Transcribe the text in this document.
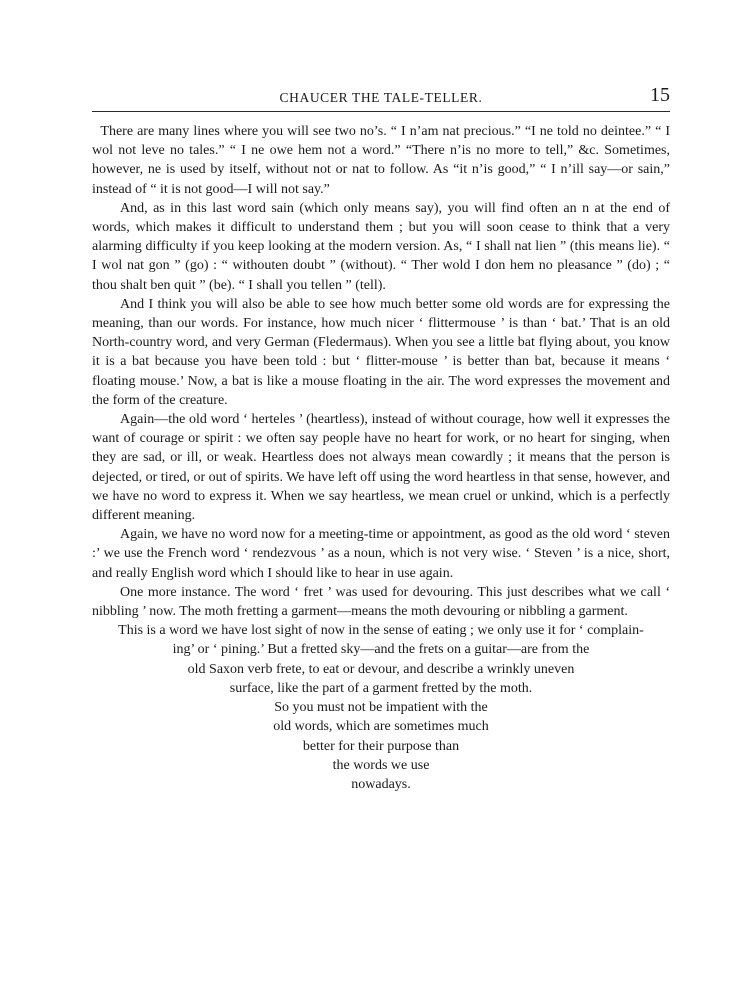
CHAUCER THE TALE-TELLER.	15

There are many lines where you will see two no’s. “ I n’am nat precious.” “I ne told no deintee.” “ I wol not leve no tales.” “ I ne owe hem not a word.” “There n’is no more to tell,” &c. Sometimes, however, ne is used by itself, without not or nat to follow. As “it n’is good,” “ I n’ill say—or sain,” instead of “ it is not good—I will not say.”

And, as in this last word sain (which only means say), you will find often an n at the end of words, which makes it difficult to understand them ; but you will soon cease to think that a very alarming difficulty if you keep looking at the modern version. As, “ I shall nat lien ” (this means lie). “ I wol nat gon ” (go) : “ withouten doubt ” (without). “ Ther wold I don hem no pleasance ” (do) ; “ thou shalt ben quit ” (be). “ I shall you tellen ” (tell).

And I think you will also be able to see how much better some old words are for expressing the meaning, than our words. For instance, how much nicer ‘ flittermouse ’ is than ‘ bat.’ That is an old North-country word, and very German (Fledermaus). When you see a little bat flying about, you know it is a bat because you have been told : but ‘ flitter-mouse ’ is better than bat, because it means ‘ floating mouse.’ Now, a bat is like a mouse floating in the air. The word expresses the movement and the form of the creature.

Again—the old word ‘ herteles ’ (heartless), instead of without courage, how well it expresses the want of courage or spirit : we often say people have no heart for work, or no heart for singing, when they are sad, or ill, or weak. Heartless does not always mean cowardly ; it means that the person is dejected, or tired, or out of spirits. We have left off using the word heartless in that sense, however, and we have no word to express it. When we say heartless, we mean cruel or unkind, which is a perfectly different meaning.

Again, we have no word now for a meeting-time or appointment, as good as the old word ‘ steven :’ we use the French word ‘ rendezvous ’ as a noun, which is not very wise. ‘ Steven ’ is a nice, short, and really English word which I should like to hear in use again.

One more instance. The word ‘ fret ’ was used for devouring. This just describes what we call ‘ nibbling ’ now. The moth fretting a garment—means the moth devouring or nibbling a garment.

This is a word we have lost sight of now in the sense of eating ; we only use it for ‘ complain-
ing’ or ‘ pining.’ But a fretted sky—and the frets on a guitar—are from the
old Saxon verb frete, to eat or devour, and describe a wrinkly uneven
surface, like the part of a garment fretted by the moth.
So you must not be impatient with the
old words, which are sometimes much
better for their purpose than
the words we use
nowadays.
